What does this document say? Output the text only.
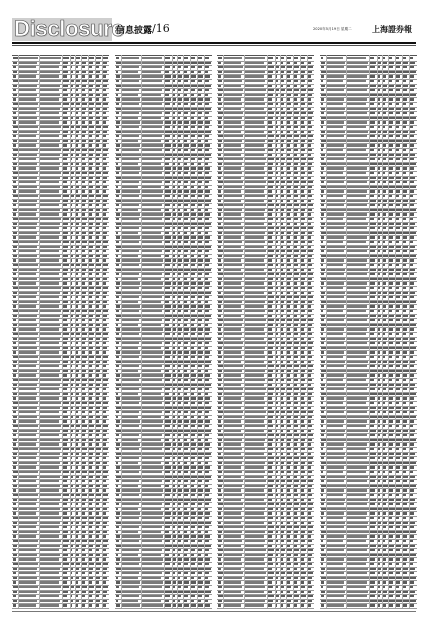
Disclosure
信息披露 /16	2020年5月19日 星期二	上海證券報
